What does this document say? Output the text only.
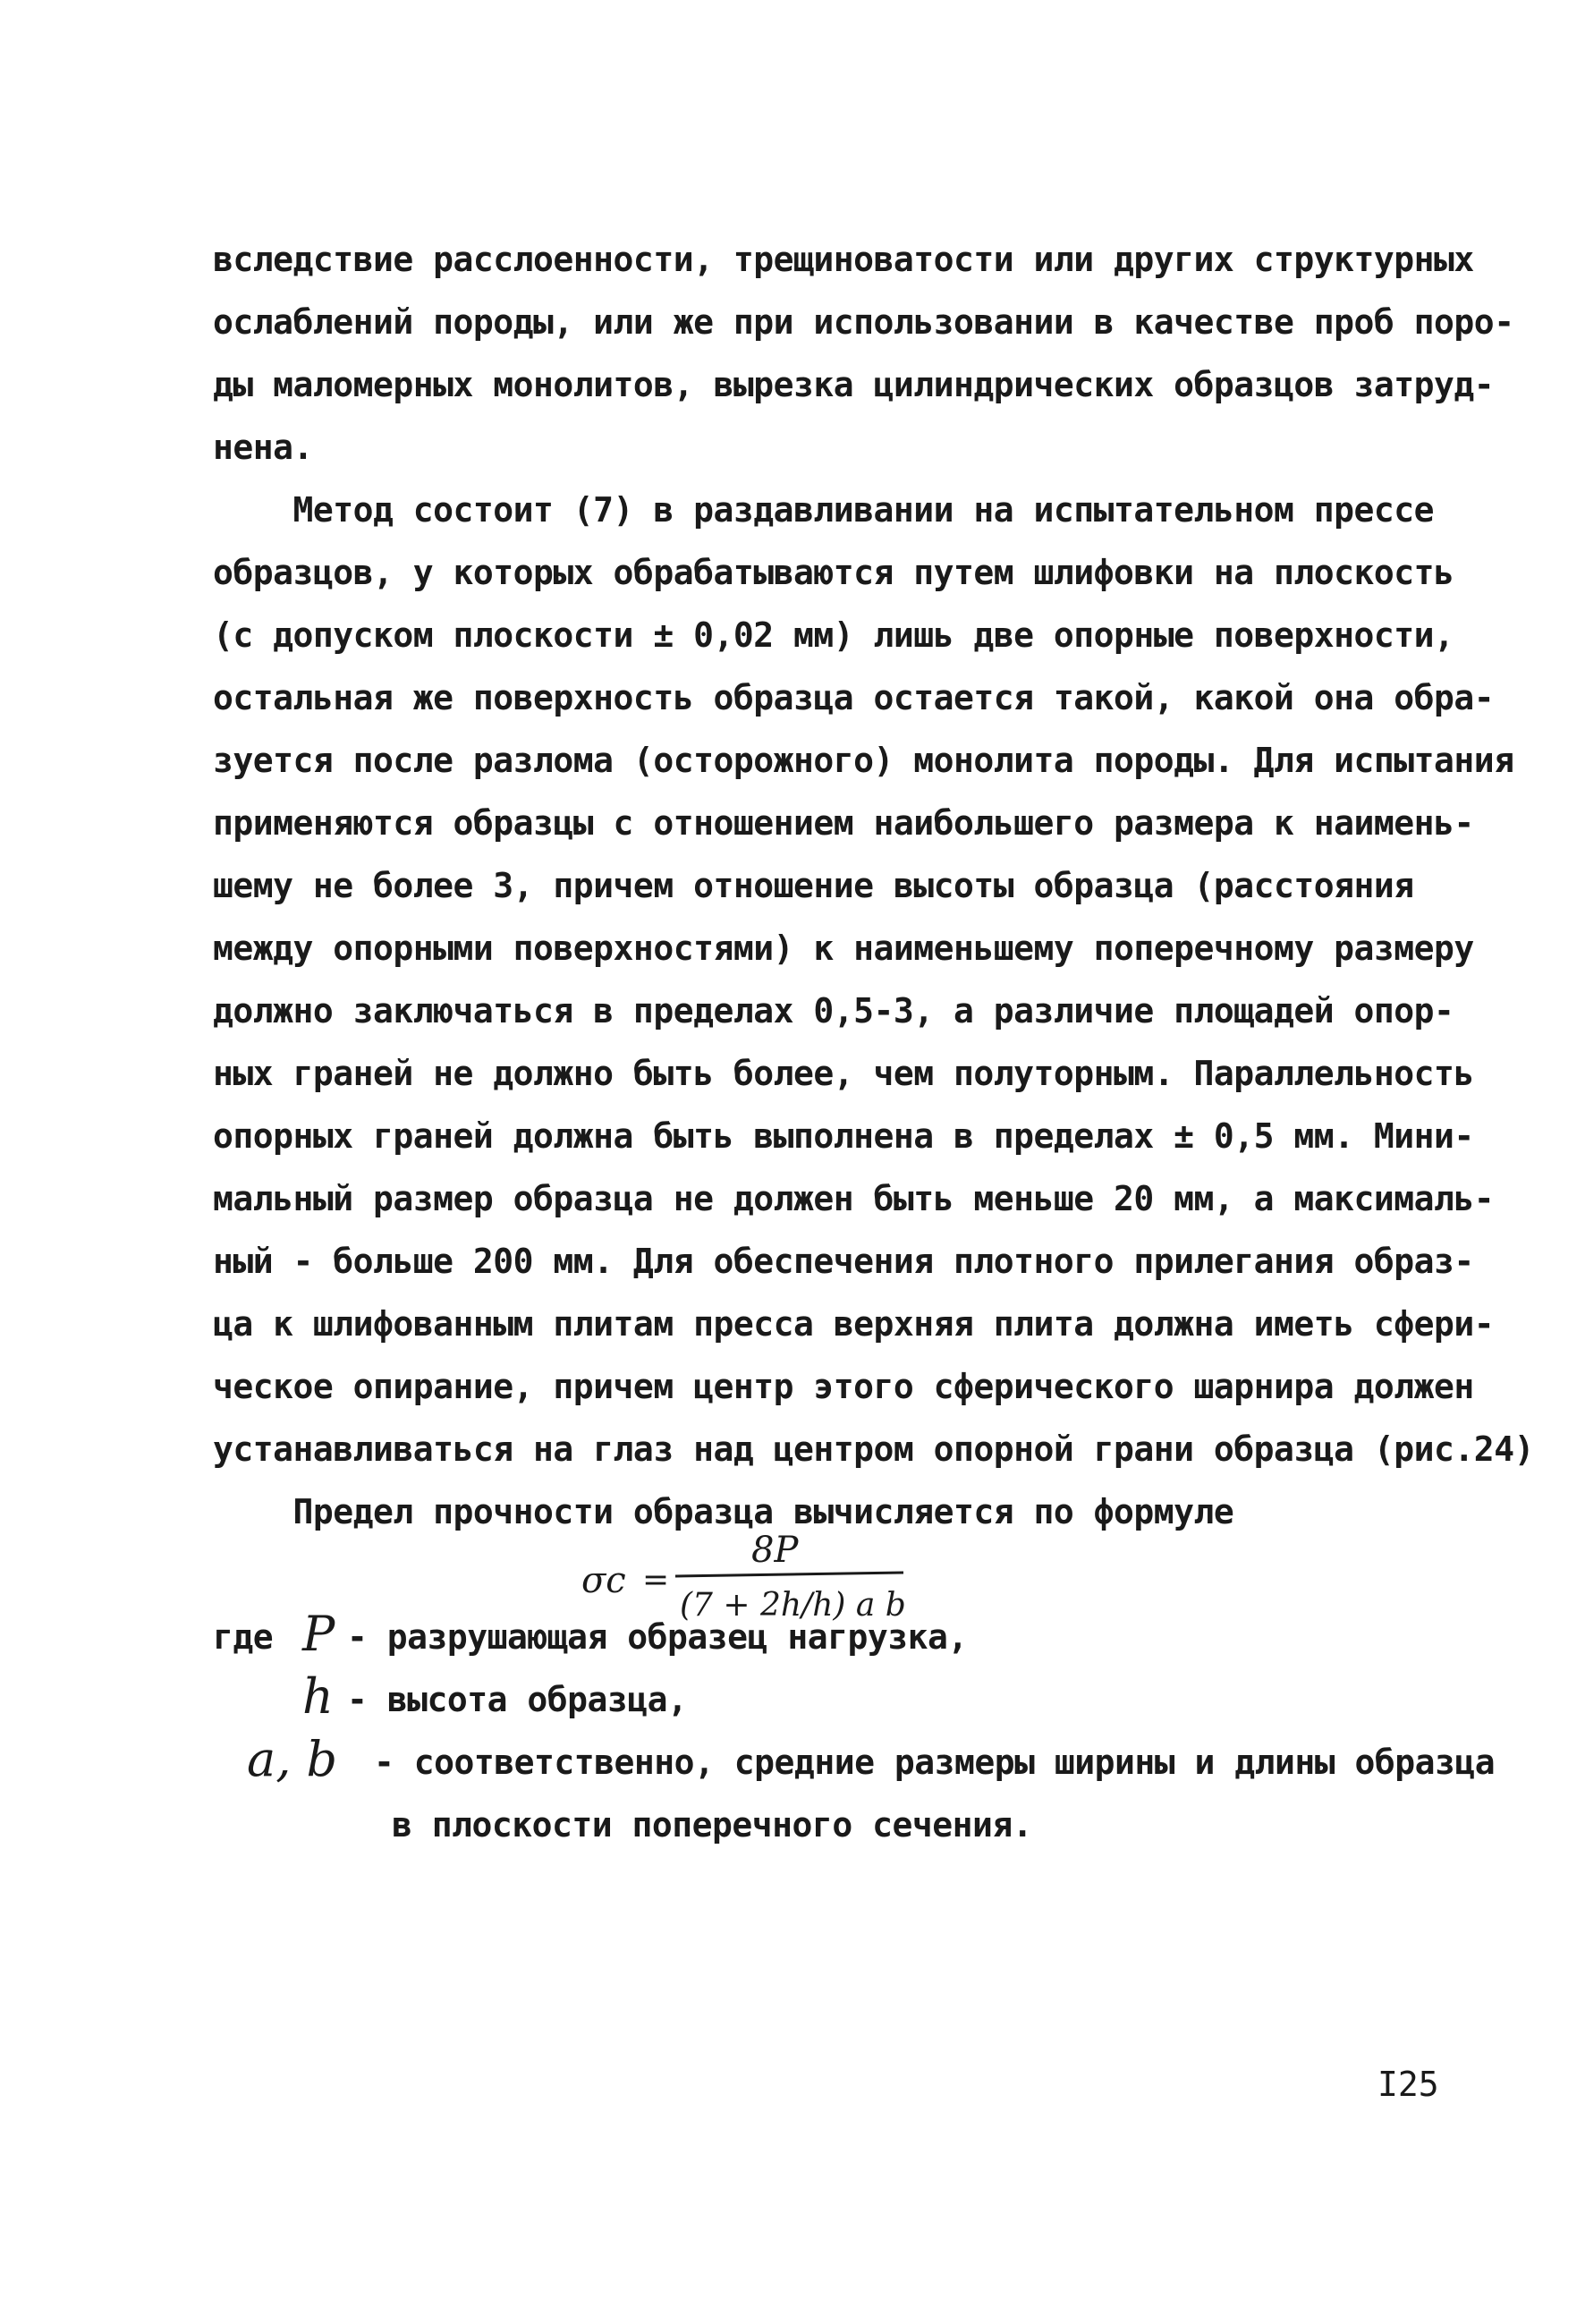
вследствие расслоенности, трещиноватости или других структурных
ослаблений породы, или же при использовании в качестве проб поро-
ды маломерных монолитов, вырезка цилиндрических образцов затруд-
нена.
Метод состоит (7) в раздавливании на испытательном прессе
образцов, у которых обрабатываются путем шлифовки на плоскость
(с допуском плоскости ± 0,02 мм) лишь две опорные поверхности,
остальная же поверхность образца остается такой, какой она обра-
зуется после разлома (осторожного) монолита породы. Для испытания
применяются образцы с отношением наибольшего размера к наимень-
шему не более 3, причем отношение высоты образца (расстояния
между опорными поверхностями) к наименьшему поперечному размеру
должно заключаться в пределах 0,5-3, а различие площадей опор-
ных граней не должно быть более, чем полуторным. Параллельность
опорных граней должна быть выполнена в пределах ± 0,5 мм. Мини-
мальный размер образца не должен быть меньше 20 мм, а максималь-
ный - больше 200 мм. Для обеспечения плотного прилегания образ-
ца к шлифованным плитам пресса верхняя плита должна иметь сфери-
ческое опирание, причем центр этого сферического шарнира должен
устанавливаться на глаз над центром опорной грани образца (рис.24)
Предел прочности образца вычисляется по формуле
σc =
8P
(7 + 2h/h) a b
где P - разрушающая образец нагрузка,
h - высота образца,
a, b - соответственно, средние размеры ширины и длины образца
в плоскости поперечного сечения.
I25
